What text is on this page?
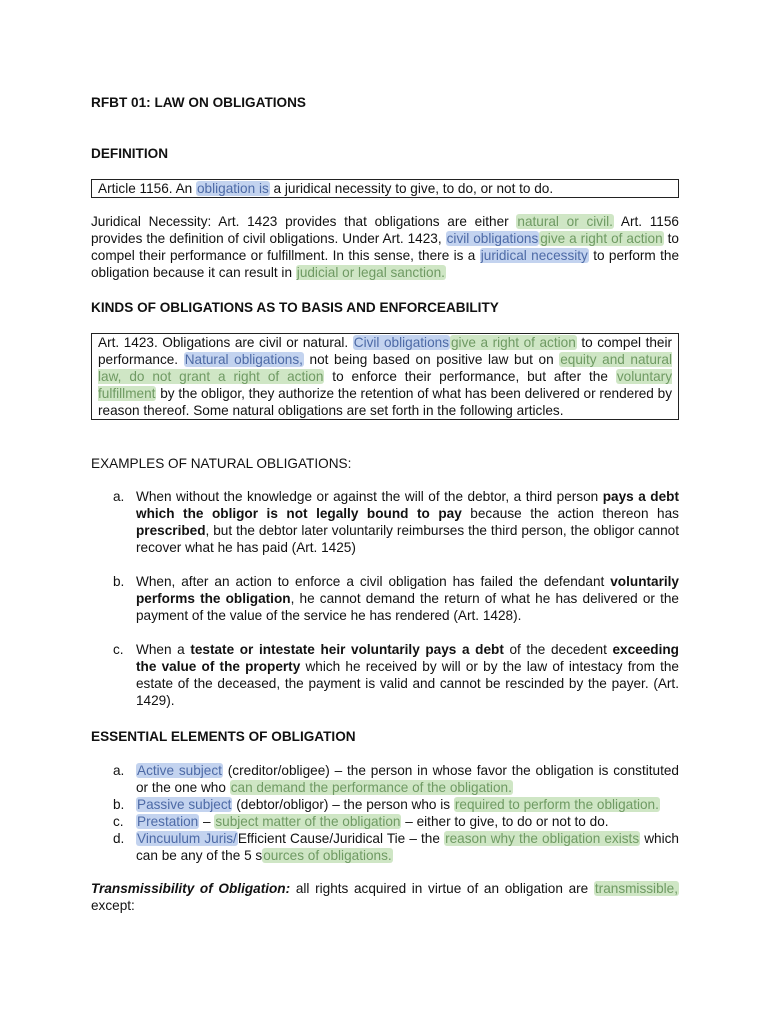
RFBT 01: LAW ON OBLIGATIONS
DEFINITION
Article 1156. An obligation is a juridical necessity to give, to do, or not to do.
Juridical Necessity: Art. 1423 provides that obligations are either natural or civil. Art. 1156 provides the definition of civil obligations. Under Art. 1423, civil obligations give a right of action to compel their performance or fulfillment. In this sense, there is a juridical necessity to perform the obligation because it can result in judicial or legal sanction.
KINDS OF OBLIGATIONS AS TO BASIS AND ENFORCEABILITY
Art. 1423. Obligations are civil or natural. Civil obligations give a right of action to compel their performance. Natural obligations, not being based on positive law but on equity and natural law, do not grant a right of action to enforce their performance, but after the voluntary fulfillment by the obligor, they authorize the retention of what has been delivered or rendered by reason thereof. Some natural obligations are set forth in the following articles.
EXAMPLES OF NATURAL OBLIGATIONS:
a. When without the knowledge or against the will of the debtor, a third person pays a debt which the obligor is not legally bound to pay because the action thereon has prescribed, but the debtor later voluntarily reimburses the third person, the obligor cannot recover what he has paid (Art. 1425)
b. When, after an action to enforce a civil obligation has failed the defendant voluntarily performs the obligation, he cannot demand the return of what he has delivered or the payment of the value of the service he has rendered (Art. 1428).
c. When a testate or intestate heir voluntarily pays a debt of the decedent exceeding the value of the property which he received by will or by the law of intestacy from the estate of the deceased, the payment is valid and cannot be rescinded by the payer. (Art. 1429).
ESSENTIAL ELEMENTS OF OBLIGATION
a. Active subject (creditor/obligee) – the person in whose favor the obligation is constituted or the one who can demand the performance of the obligation.
b. Passive subject (debtor/obligor) – the person who is required to perform the obligation.
c. Prestation – subject matter of the obligation – either to give, to do or not to do.
d. Vincuulum Juris/Efficient Cause/Juridical Tie – the reason why the obligation exists which can be any of the 5 sources of obligations.
Transmissibility of Obligation: all rights acquired in virtue of an obligation are transmissible, except:
